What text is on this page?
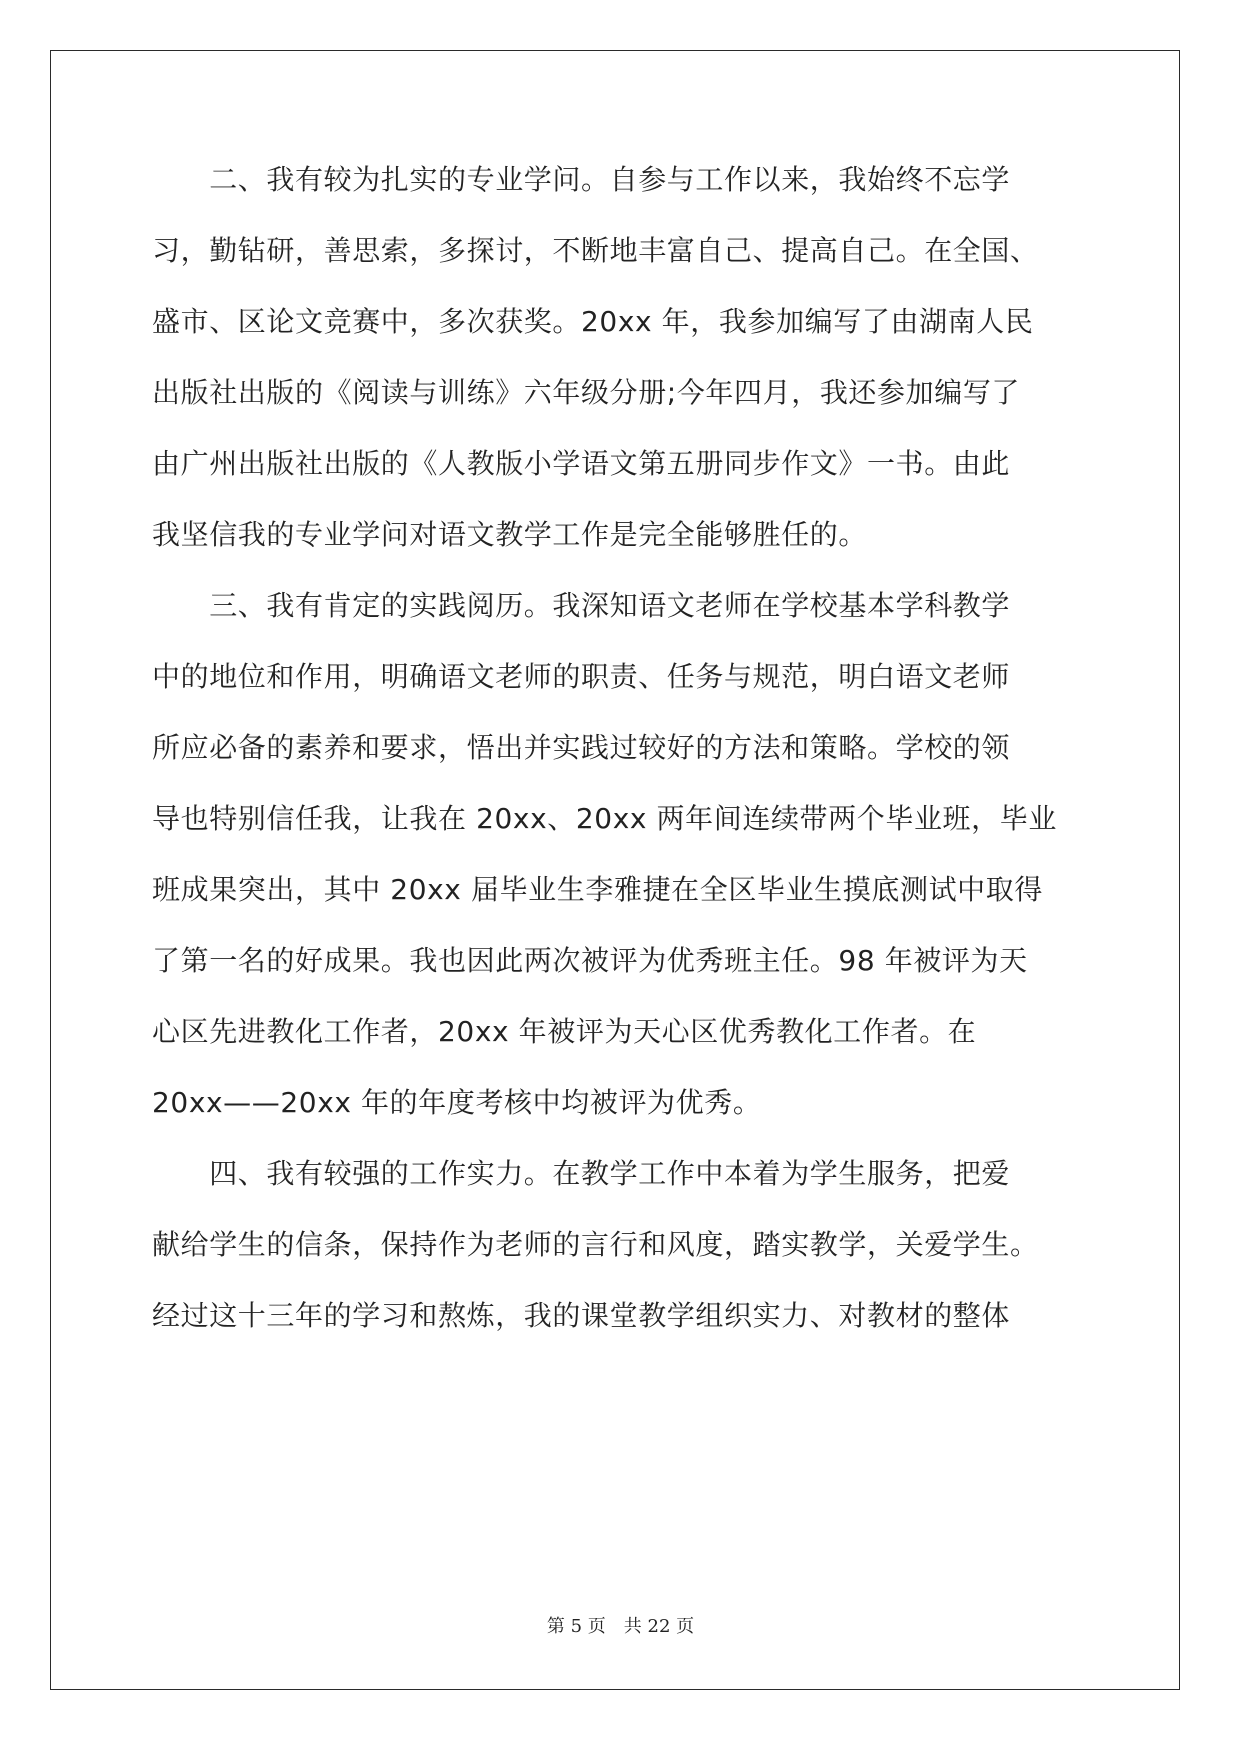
　　二、我有较为扎实的专业学问。自参与工作以来，我始终不忘学
习，勤钻研，善思索，多探讨，不断地丰富自己、提高自己。在全国、
盛市、区论文竞赛中，多次获奖。20xx 年，我参加编写了由湖南人民
出版社出版的《阅读与训练》六年级分册;今年四月，我还参加编写了
由广州出版社出版的《人教版小学语文第五册同步作文》一书。由此
我坚信我的专业学问对语文教学工作是完全能够胜任的。
　　三、我有肯定的实践阅历。我深知语文老师在学校基本学科教学
中的地位和作用，明确语文老师的职责、任务与规范，明白语文老师
所应必备的素养和要求，悟出并实践过较好的方法和策略。学校的领
导也特别信任我，让我在 20xx、20xx 两年间连续带两个毕业班，毕业
班成果突出，其中 20xx 届毕业生李雅捷在全区毕业生摸底测试中取得
了第一名的好成果。我也因此两次被评为优秀班主任。98 年被评为天
心区先进教化工作者，20xx 年被评为天心区优秀教化工作者。在
20xx——20xx 年的年度考核中均被评为优秀。
　　四、我有较强的工作实力。在教学工作中本着为学生服务，把爱
献给学生的信条，保持作为老师的言行和风度，踏实教学，关爱学生。
经过这十三年的学习和熬炼，我的课堂教学组织实力、对教材的整体
第 5 页　共 22 页
